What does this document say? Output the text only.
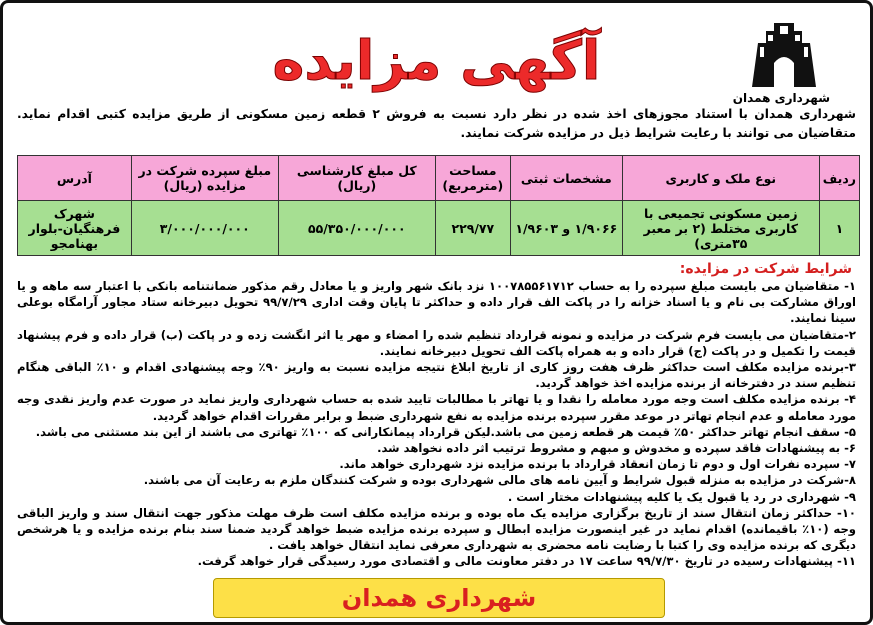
شهرداری همدان
آگهی مزایده
شهرداری همدان با استناد مجوزهای اخذ شده در نظر دارد نسبت به فروش ۲ قطعه زمین مسکونی از طریق مزایده کتبی اقدام نماید. متقاضیان می توانند با رعایت شرایط ذیل در مزایده شرکت نمایند.
ردیف	نوع ملک و کاربری	مشخصات ثبتی	مساحت (مترمربع)	کل مبلغ کارشناسی (ریال)	مبلغ سپرده شرکت در مزایده (ریال)	آدرس
۱	زمین مسکونی تجمیعی با کاربری مختلط (۲ بر معبر ۳۵متری)	۱/۹۰۶۶ و ۱/۹۶۰۳	۲۲۹/۷۷	۵۵/۳۵۰/۰۰۰/۰۰۰	۳/۰۰۰/۰۰۰/۰۰۰	شهرک فرهنگیان-بلوار بهنامجو
شرایط شرکت در مزایده:
۱- متقاضیان می بایست مبلغ سپرده را به حساب ۱۰۰۷۸۵۵۶۱۷۱۲ نزد بانک شهر واریز و یا معادل رقم مذکور ضمانتنامه بانکی با اعتبار سه ماهه و یا اوراق مشارکت بی نام و یا اسناد خزانه را در پاکت الف قرار داده و حداکثر تا پایان وقت اداری ۹۹/۷/۲۹ تحویل دبیرخانه ستاد مجاور آرامگاه بوعلی سینا نمایند.
۲-متقاضیان می بایست فرم شرکت در مزایده و نمونه قرارداد تنظیم شده را امضاء و مهر یا اثر انگشت زده و در پاکت (ب) قرار داده و فرم پیشنهاد قیمت را تکمیل و در پاکت (ج) قرار داده و به همراه پاکت الف تحویل دبیرخانه نمایند.
۳-برنده مزایده مکلف است حداکثر ظرف هفت روز کاری از تاریخ ابلاغ نتیجه مزایده نسبت به واریز ۹۰٪ وجه پیشنهادی اقدام و ۱۰٪ الباقی هنگام تنظیم سند در دفترخانه از برنده مزایده اخذ خواهد گردید.
۴- برنده مزایده مکلف است وجه مورد معامله را نقدا و یا تهاتر با مطالبات تایید شده به حساب شهرداری واریز نماید در صورت عدم واریز نقدی وجه مورد معامله و عدم انجام تهاتر در موعد مقرر سپرده برنده مزایده به نفع شهرداری ضبط و برابر مقررات اقدام خواهد گردید.
۵- سقف انجام تهاتر حداکثر ۵۰٪ قیمت هر قطعه زمین می باشد.لیکن قرارداد پیمانکارانی که ۱۰۰٪ تهاتری می باشند از این بند مستثنی می باشد.
۶- به پیشنهادات فاقد سپرده و مخدوش و مبهم و مشروط ترتیب اثر داده نخواهد شد.
۷- سپرده نفرات اول و دوم تا زمان انعقاد قرارداد با برنده مزایده نزد شهرداری خواهد ماند.
۸-شرکت در مزایده به منزله قبول شرایط و آیین نامه های مالی شهرداری بوده و شرکت کنندگان ملزم به رعایت آن می باشند.
۹- شهرداری در رد یا قبول یک یا کلیه پیشنهادات مختار است .
۱۰- حداکثر زمان انتقال سند از تاریخ برگزاری مزایده یک ماه بوده و برنده مزایده مکلف است ظرف مهلت مذکور جهت انتقال سند و واریز الباقی وجه (۱۰٪ باقیمانده) اقدام نماید در غیر اینصورت مزایده ابطال و سپرده برنده مزایده ضبط خواهد گردید ضمنا سند بنام برنده مزایده و یا هرشخص دیگری که برنده مزایده وی را کتبا با رضایت نامه محضری به شهرداری معرفی نماید انتقال خواهد یافت .
۱۱- پیشنهادات رسیده در تاریخ ۹۹/۷/۳۰ ساعت ۱۷ در دفتر معاونت مالی و اقتصادی مورد رسیدگی قرار خواهد گرفت.
شهرداری همدان
